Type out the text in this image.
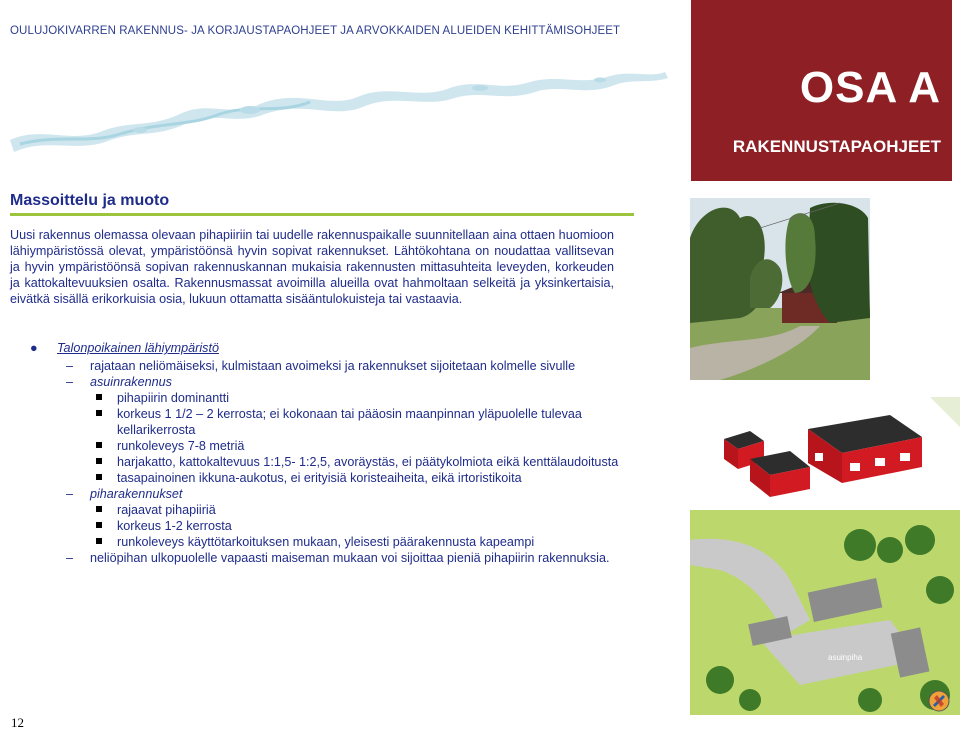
OULUJOKIVARREN RAKENNUS- JA KORJAUSTAPAOHJEET JA ARVOKKAIDEN ALUEIDEN KEHITTÄMISOHJEET
OSA A
RAKENNUSTAPAOHJEET
Massoittelu ja muoto
Uusi rakennus olemassa olevaan pihapiiriin tai uudelle rakennuspaikalle suunnitellaan aina ottaen huomioon lähiympäristössä olevat, ympäristöönsä hyvin sopivat rakennukset. Lähtökohtana on noudattaa vallitsevan ja hyvin ympäristöönsä sopivan rakennuskannan mukaisia rakennusten mittasuhteita leveyden, korkeuden ja kattokaltevuuksien osalta. Rakennusmassat avoimilla alueilla ovat hahmoltaan selkeitä ja yksinkertaisia, eivätkä sisällä erikorkuisia osia, lukuun ottamatta sisääntulokuisteja tai vastaavia.
● Talonpoikainen lähiympäristö
– rajataan neliömäiseksi, kulmistaan avoimeksi ja rakennukset sijoitetaan kolmelle sivulle
– asuinrakennus
pihapiirin dominantti
korkeus 1 1/2 – 2 kerrosta; ei kokonaan tai pääosin maanpinnan yläpuolelle tulevaa kellarikerrosta
runkoleveys 7-8 metriä
harjakatto, kattokaltevuus 1:1,5- 1:2,5, avoräystäs, ei päätykolmiota eikä kenttälaudoitusta
tasapainoinen ikkuna-aukotus, ei erityisiä koristeaiheita, eikä irtoristikoita
– piharakennukset
rajaavat pihapiiriä
korkeus 1-2 kerrosta
runkoleveys käyttötarkoituksen mukaan, yleisesti päärakennusta kapeampi
– neliöpihan ulkopuolelle vapaasti maiseman mukaan voi sijoittaa pieniä pihapiirin rakennuksia.
asuinpiha
12
